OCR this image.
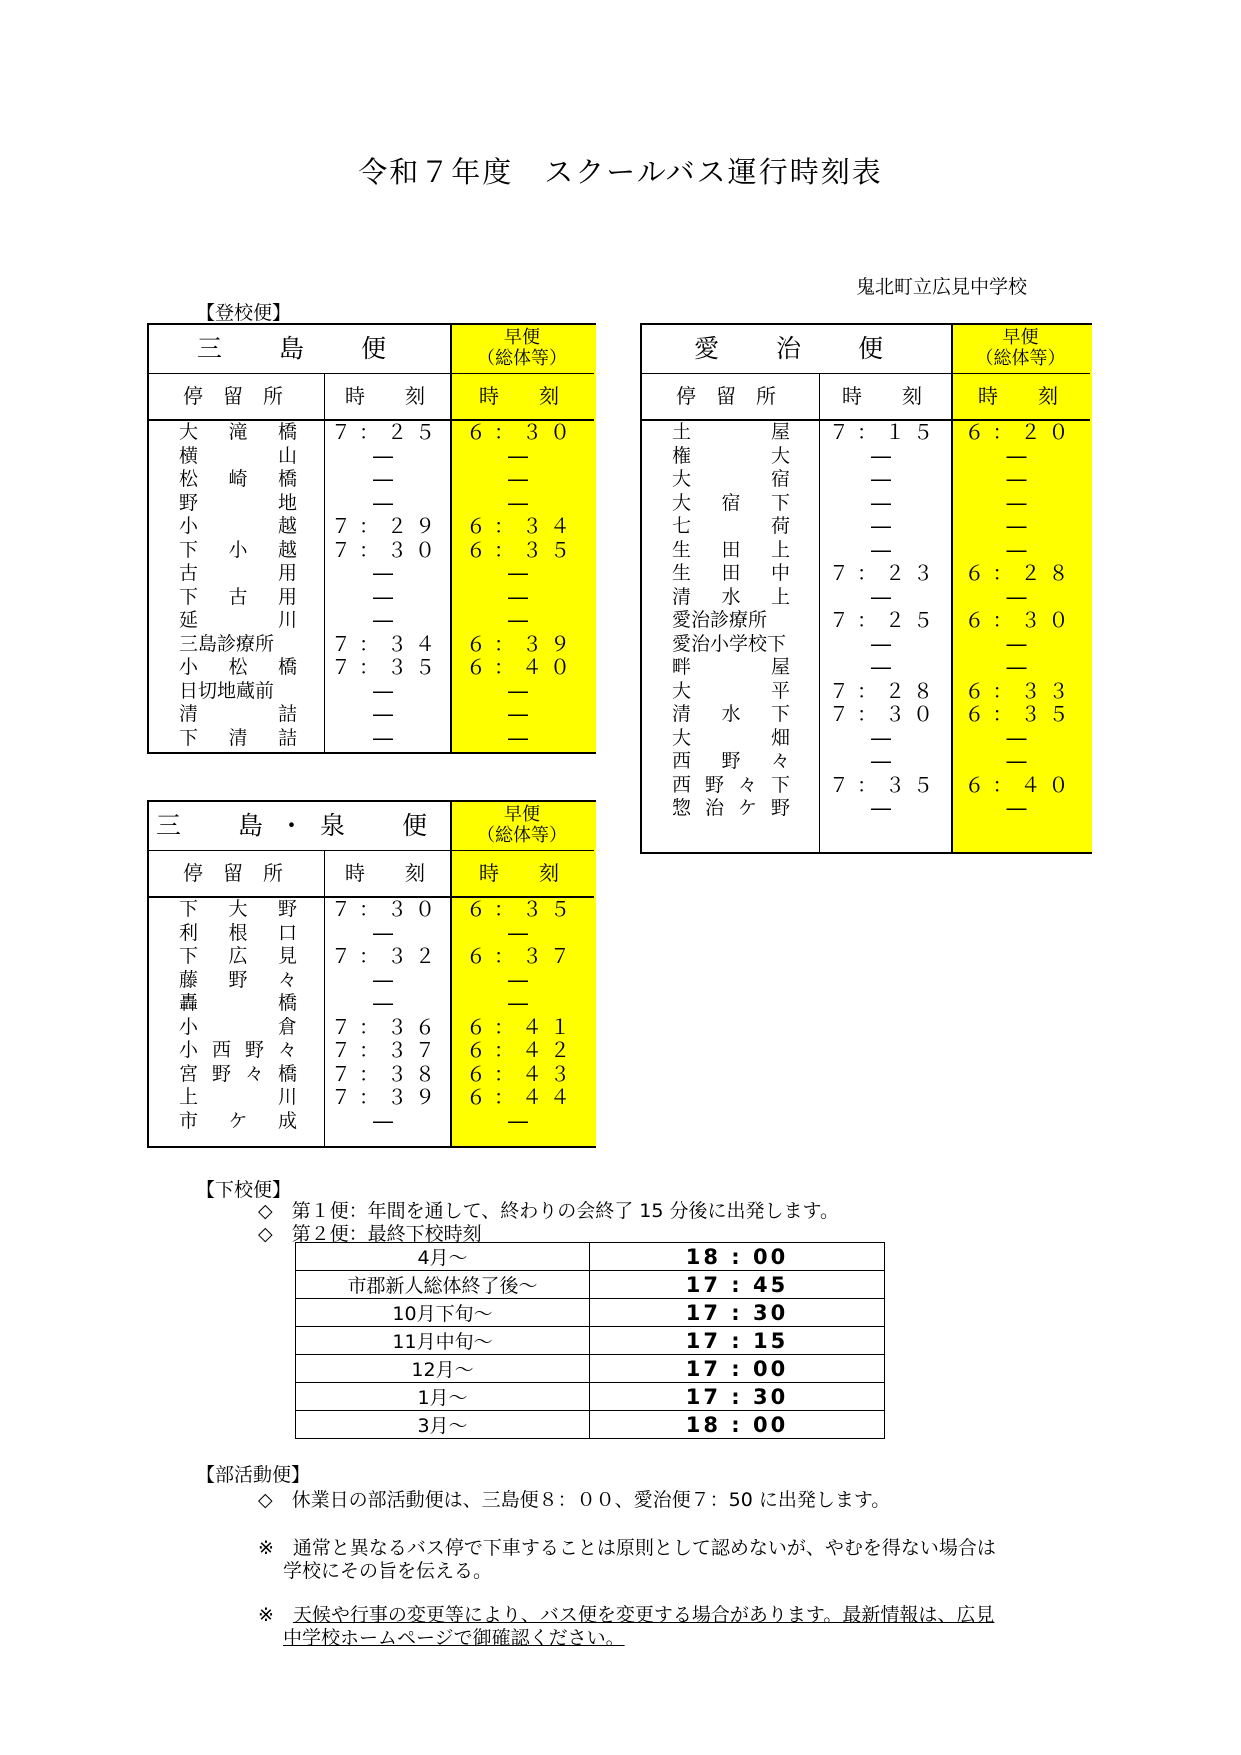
令和７年度　スクールバス運行時刻表
鬼北町立広見中学校
【登校便】
三　島　便	早便
（総体等）
停　留　所	時　　刻	時　　刻
大 滝 橋	７：２５	６：３０
横	山	―	―
松 崎 橋	―	―
野	地	―	―
小	越	７：２９	６：３４
下 小 越	７：３０	６：３５
古	用	―	―
下 古 用	―	―
延	川	―	―
三島診療所	７：３４	６：３９
小 松 橋	７：３５	６：４０
日切地蔵前	―	―
清	詰	―	―
下 清 詰	―	―
三　島・泉　便	早便
（総体等）
停　留　所	時　　刻	時　　刻
下 大 野	７：３０	６：３５
利 根 口	―	―
下 広 見	７：３２	６：３７
藤 野 々	―	―
轟	橋	―	―
小	倉	７：３６	６：４１
小 西 野 々	７：３７	６：４２
宮 野 々 橋	７：３８	６：４３
上	川	７：３９	６：４４
市 ケ 成	―	―
愛　治　便	早便
（総体等）
停　留　所	時　　刻	時　　刻
土	屋	７：１５	６：２０
権	大	―	―
大	宿	―	―
大 宿 下	―	―
七	荷	―	―
生 田 上	―	―
生 田 中	７：２３	６：２８
清 水 上	―	―
愛治診療所	７：２５	６：３０
愛治小学校下	―	―
畔	屋	―	―
大	平	７：２８	６：３３
清 水 下	７：３０	６：３５
大	畑	―	―
西 野 々	―	―
西 野 々 下	７：３５	６：４０
惣 治 ケ 野	―	―
【下校便】
◇　第１便：年間を通して、終わりの会終了 15 分後に出発します。
◇　第２便：最終下校時刻
4月～	18 : 00
市郡新人総体終了後～	17 : 45
10月下旬～	17 : 30
11月中旬～	17 : 15
12月～	17 : 00
1月～	17 : 30
3月～	18 : 00
【部活動便】
◇　休業日の部活動便は、三島便８：００、愛治便７：50 に出発します。
※　通常と異なるバス停で下車することは原則として認めないが、やむを得ない場合は
学校にその旨を伝える。
※　天候や行事の変更等により、バス便を変更する場合があります。最新情報は、広見
中学校ホームページで御確認ください。
